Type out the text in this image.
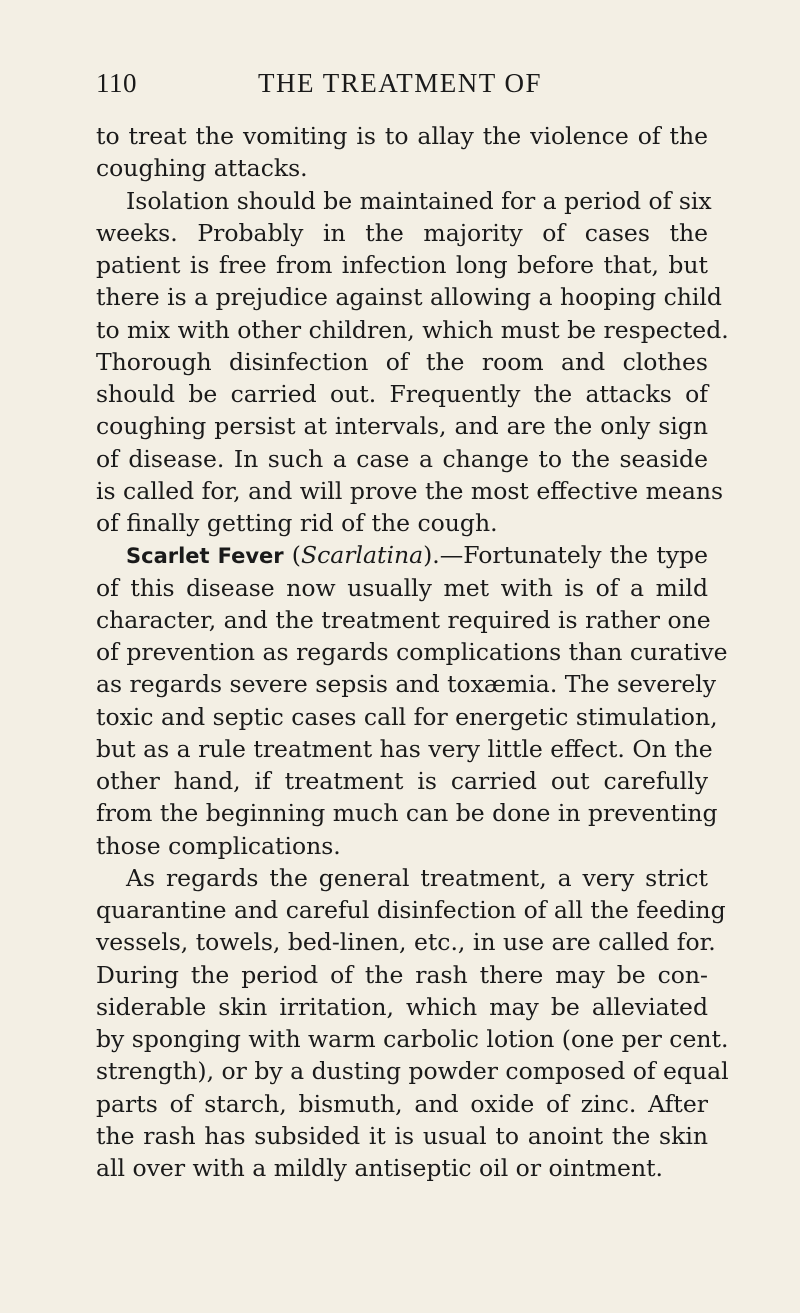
110	THE TREATMENT OF
to treat the vomiting is to allay the violence of the
coughing attacks.
Isolation should be maintained for a period of six
weeks. Probably in the majority of cases the
patient is free from infection long before that, but
there is a prejudice against allowing a hooping child
to mix with other children, which must be respected.
Thorough disinfection of the room and clothes
should be carried out. Frequently the attacks of
coughing persist at intervals, and are the only sign
of disease. In such a case a change to the seaside
is called for, and will prove the most effective means
of finally getting rid of the cough.
Scarlet Fever (Scarlatina).—Fortunately the type
of this disease now usually met with is of a mild
character, and the treatment required is rather one
of prevention as regards complications than curative
as regards severe sepsis and toxæmia. The severely
toxic and septic cases call for energetic stimulation,
but as a rule treatment has very little effect. On the
other hand, if treatment is carried out carefully
from the beginning much can be done in preventing
those complications.
As regards the general treatment, a very strict
quarantine and careful disinfection of all the feeding
vessels, towels, bed-linen, etc., in use are called for.
During the period of the rash there may be con-
siderable skin irritation, which may be alleviated
by sponging with warm carbolic lotion (one per cent.
strength), or by a dusting powder composed of equal
parts of starch, bismuth, and oxide of zinc. After
the rash has subsided it is usual to anoint the skin
all over with a mildly antiseptic oil or ointment.
